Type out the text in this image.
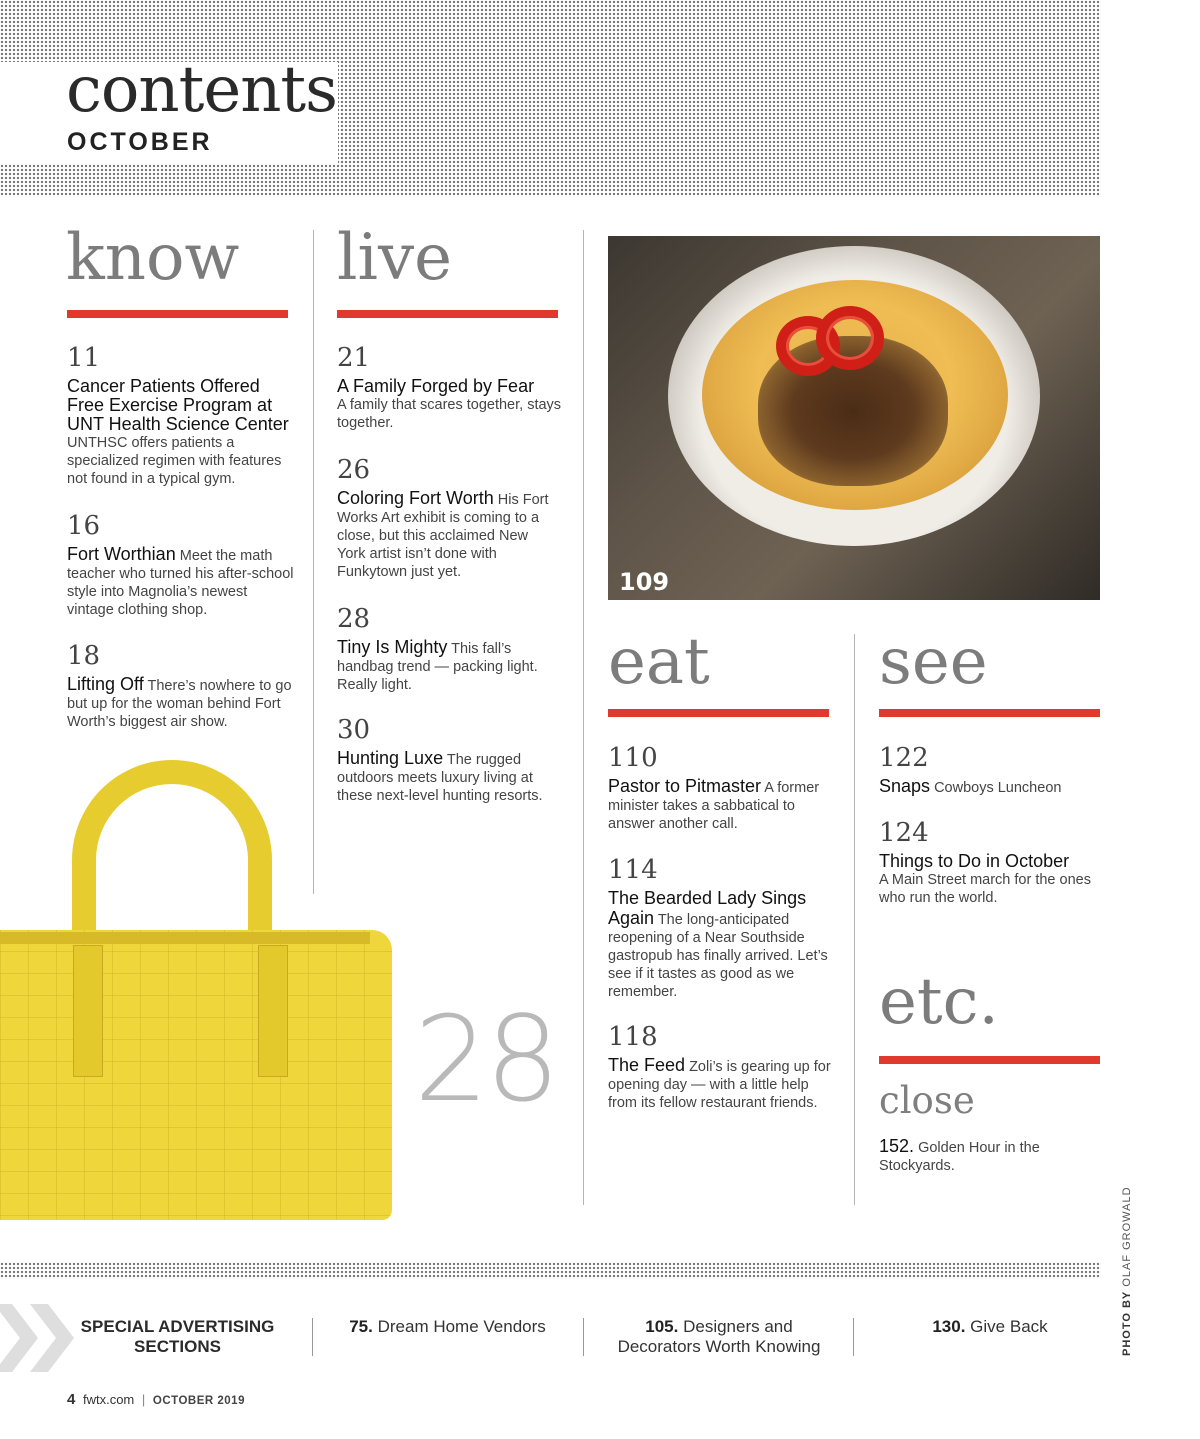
contents
OCTOBER
know
11
Cancer Patients Offered Free Exercise Program at UNT Health Science Center
UNTHSC offers patients a specialized regimen with features not found in a typical gym.
16
Fort Worthian Meet the math teacher who turned his after-school style into Magnolia’s newest vintage clothing shop.
18
Lifting Off There’s nowhere to go but up for the woman behind Fort Worth’s biggest air show.
live
21
A Family Forged by Fear
A family that scares together, stays together.
26
Coloring Fort Worth His Fort Works Art exhibit is coming to a close, but this acclaimed New York artist isn’t done with Funkytown just yet.
28
Tiny Is Mighty This fall’s handbag trend — packing light. Really light.
30
Hunting Luxe The rugged outdoors meets luxury living at these next-level hunting resorts.
109
eat
110
Pastor to Pitmaster A former minister takes a sabbatical to answer another call.
114
The Bearded Lady Sings Again The long-anticipated reopening of a Near Southside gastropub has finally arrived. Let’s see if it tastes as good as we remember.
118
The Feed Zoli’s is gearing up for opening day — with a little help from its fellow restaurant friends.
see
122
Snaps Cowboys Luncheon
124
Things to Do in October
A Main Street march for the ones who run the world.
etc.
close
152. Golden Hour in the Stockyards.
28
PHOTO BY OLAF GROWALD
SPECIAL ADVERTISING SECTIONS
75. Dream Home Vendors	105. Designers and Decorators Worth Knowing
130. Give Back
4 fwtx.com | OCTOBER 2019
